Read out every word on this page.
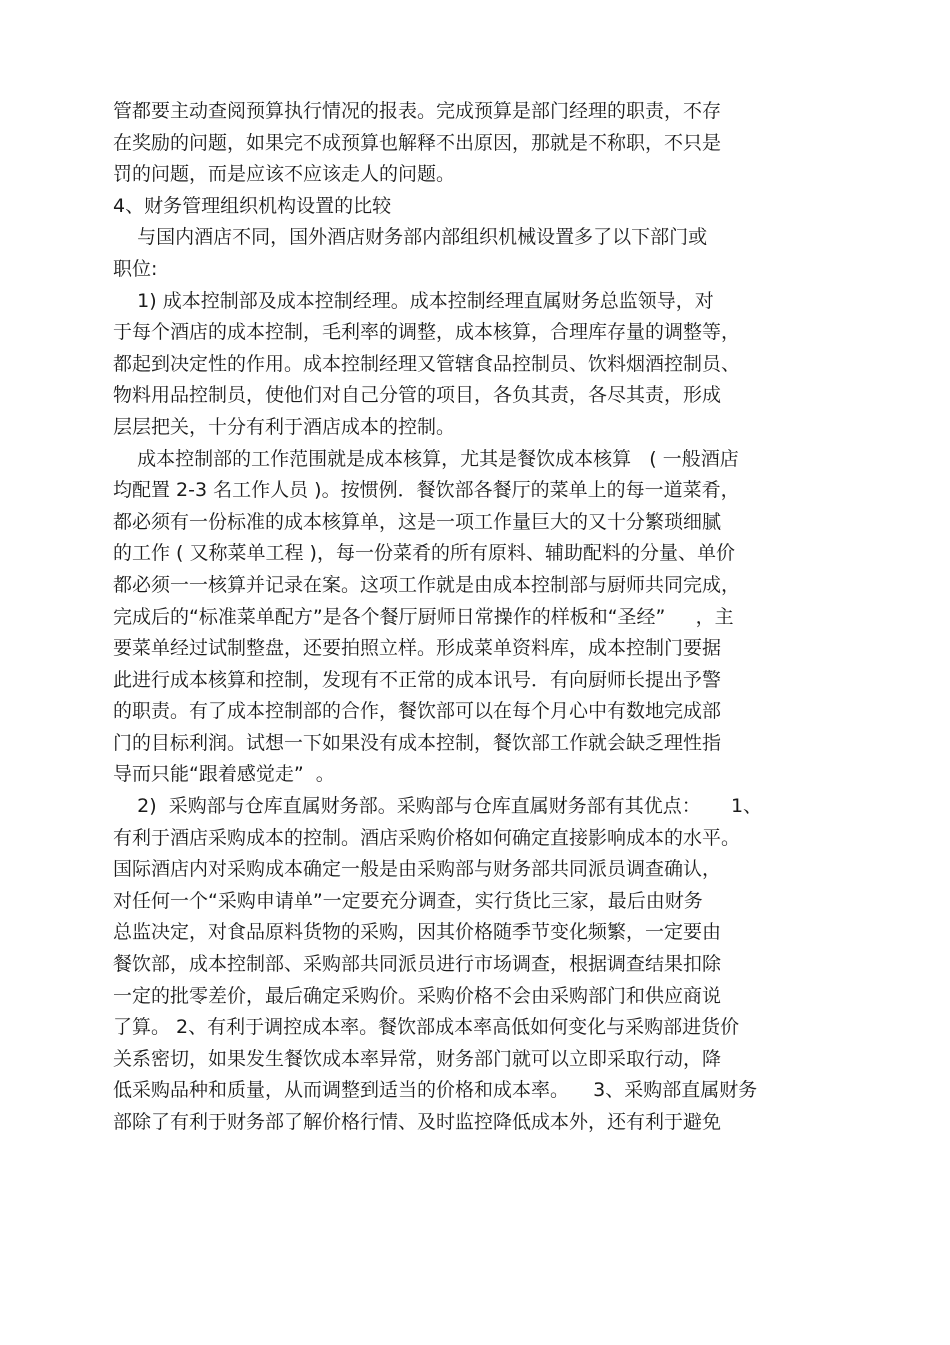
管都要主动查阅预算执行情况的报表。完成预算是部门经理的职责，不存
在奖励的问题，如果完不成预算也解释不出原因，那就是不称职，不只是
罚的问题，而是应该不应该走人的问题。
4、财务管理组织机构设置的比较
与国内酒店不同，国外酒店财务部内部组织机械设置多了以下部门或
职位:
1) 成本控制部及成本控制经理。成本控制经理直属财务总监领导，对
于每个酒店的成本控制，毛利率的调整，成本核算，合理库存量的调整等，
都起到决定性的作用。成本控制经理又管辖食品控制员、饮料烟酒控制员、
物料用品控制员，使他们对自己分管的项目，各负其责，各尽其责，形成
层层把关，十分有利于酒店成本的控制。
成本控制部的工作范围就是成本核算，尤其是餐饮成本核算   ( 一般酒店
均配置 2-3 名工作人员 )。按惯例．餐饮部各餐厅的菜单上的每一道菜肴，
都必须有一份标准的成本核算单，这是一项工作量巨大的又十分繁琐细腻
的工作 ( 又称菜单工程 )，每一份菜肴的所有原料、辅助配料的分量、单价
都必须一一核算并记录在案。这项工作就是由成本控制部与厨师共同完成，
完成后的“标准菜单配方”是各个餐厅厨师日常操作的样板和“圣经”     ，主
要菜单经过试制整盘，还要拍照立样。形成菜单资料库，成本控制门要据
此进行成本核算和控制，发现有不正常的成本讯号．有向厨师长提出予警
的职责。有了成本控制部的合作，餐饮部可以在每个月心中有数地完成部
门的目标利润。试想一下如果没有成本控制，餐饮部工作就会缺乏理性指
导而只能“跟着感觉走”  。
2)  采购部与仓库直属财务部。采购部与仓库直属财务部有其优点：     1、
有利于酒店采购成本的控制。酒店采购价格如何确定直接影响成本的水平。
国际酒店内对采购成本确定一般是由采购部与财务部共同派员调查确认，
对任何一个“采购申请单”一定要充分调查，实行货比三家，最后由财务
总监决定，对食品原料货物的采购，因其价格随季节变化频繁，一定要由
餐饮部，成本控制部、采购部共同派员进行市场调查，根据调查结果扣除
一定的批零差价，最后确定采购价。采购价格不会由采购部门和供应商说
了算。 2、有利于调控成本率。餐饮部成本率高低如何变化与采购部进货价
关系密切，如果发生餐饮成本率异常，财务部门就可以立即采取行动，降
低采购品种和质量，从而调整到适当的价格和成本率。    3、采购部直属财务
部除了有利于财务部了解价格行情、及时监控降低成本外，还有利于避免
